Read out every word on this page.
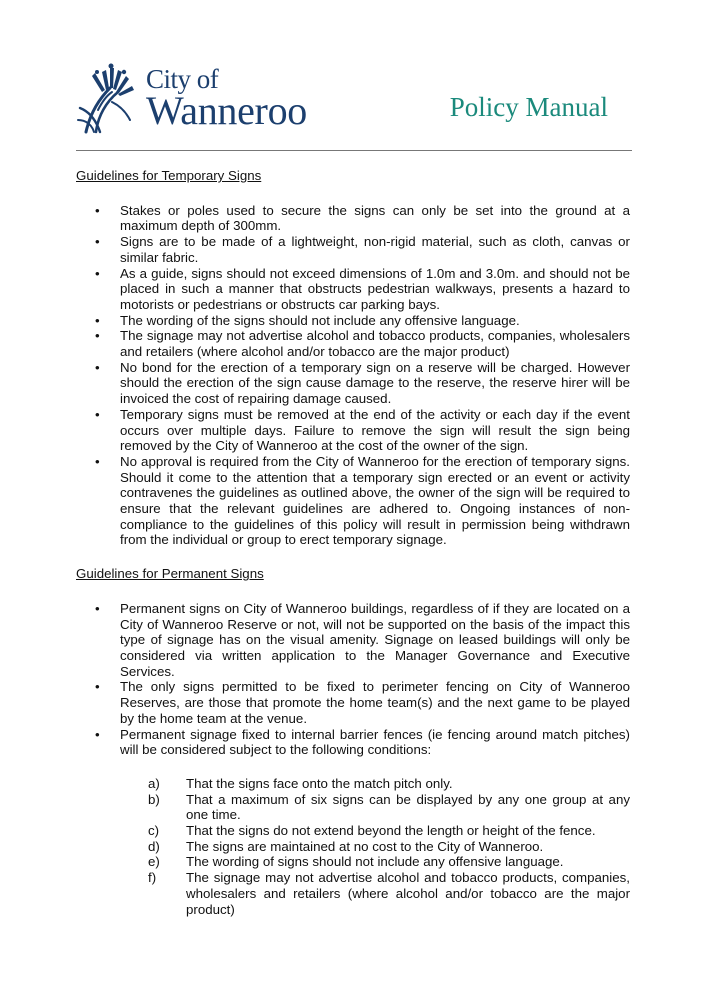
City of
Wanneroo	Policy Manual
Guidelines for Temporary Signs
• Stakes or poles used to secure the signs can only be set into the ground at a maximum depth of 300mm.
• Signs are to be made of a lightweight, non-rigid material, such as cloth, canvas or similar fabric.
• As a guide, signs should not exceed dimensions of 1.0m and 3.0m. and should not be placed in such a manner that obstructs pedestrian walkways, presents a hazard to motorists or pedestrians or obstructs car parking bays.
• The wording of the signs should not include any offensive language.
• The signage may not advertise alcohol and tobacco products, companies, wholesalers and retailers (where alcohol and/or tobacco are the major product)
• No bond for the erection of a temporary sign on a reserve will be charged. However should the erection of the sign cause damage to the reserve, the reserve hirer will be invoiced the cost of repairing damage caused.
• Temporary signs must be removed at the end of the activity or each day if the event occurs over multiple days. Failure to remove the sign will result the sign being removed by the City of Wanneroo at the cost of the owner of the sign.
• No approval is required from the City of Wanneroo for the erection of temporary signs. Should it come to the attention that a temporary sign erected or an event or activity contravenes the guidelines as outlined above, the owner of the sign will be required to ensure that the relevant guidelines are adhered to. Ongoing instances of non-compliance to the guidelines of this policy will result in permission being withdrawn from the individual or group to erect temporary signage.
Guidelines for Permanent Signs
• Permanent signs on City of Wanneroo buildings, regardless of if they are located on a City of Wanneroo Reserve or not, will not be supported on the basis of the impact this type of signage has on the visual amenity. Signage on leased buildings will only be considered via written application to the Manager Governance and Executive Services.
• The only signs permitted to be fixed to perimeter fencing on City of Wanneroo Reserves, are those that promote the home team(s) and the next game to be played by the home team at the venue.
• Permanent signage fixed to internal barrier fences (ie fencing around match pitches) will be considered subject to the following conditions:
a) That the signs face onto the match pitch only.
b) That a maximum of six signs can be displayed by any one group at any one time.
c) That the signs do not extend beyond the length or height of the fence.
d) The signs are maintained at no cost to the City of Wanneroo.
e) The wording of signs should not include any offensive language.
f) The signage may not advertise alcohol and tobacco products, companies, wholesalers and retailers (where alcohol and/or tobacco are the major product)
